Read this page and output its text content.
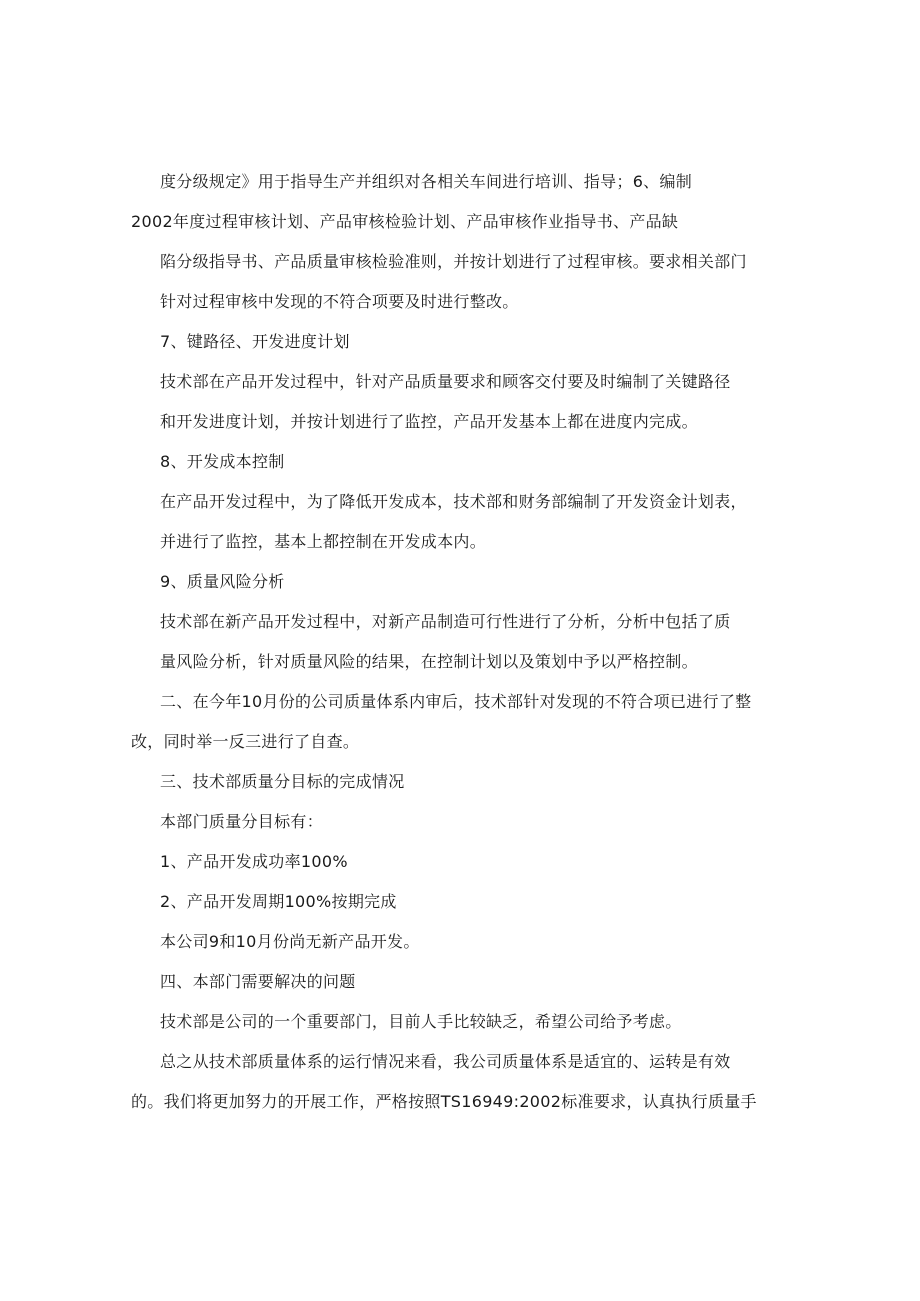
度分级规定》用于指导生产并组织对各相关车间进行培训、指导；6、编制

2002年度过程审核计划、产品审核检验计划、产品审核作业指导书、产品缺

陷分级指导书、产品质量审核检验准则，并按计划进行了过程审核。要求相关部门

针对过程审核中发现的不符合项要及时进行整改。

7、键路径、开发进度计划

技术部在产品开发过程中，针对产品质量要求和顾客交付要及时编制了关键路径

和开发进度计划，并按计划进行了监控，产品开发基本上都在进度内完成。

8、开发成本控制

在产品开发过程中，为了降低开发成本，技术部和财务部编制了开发资金计划表，

并进行了监控，基本上都控制在开发成本内。

9、质量风险分析

技术部在新产品开发过程中，对新产品制造可行性进行了分析，分析中包括了质

量风险分析，针对质量风险的结果，在控制计划以及策划中予以严格控制。

二、在今年10月份的公司质量体系内审后，技术部针对发现的不符合项已进行了整

改，同时举一反三进行了自查。

三、技术部质量分目标的完成情况

本部门质量分目标有：

1、产品开发成功率100%

2、产品开发周期100%按期完成

本公司9和10月份尚无新产品开发。

四、本部门需要解决的问题

技术部是公司的一个重要部门，目前人手比较缺乏，希望公司给予考虑。

总之从技术部质量体系的运行情况来看，我公司质量体系是适宜的、运转是有效

的。我们将更加努力的开展工作，严格按照TS16949:2002标准要求，认真执行质量手
